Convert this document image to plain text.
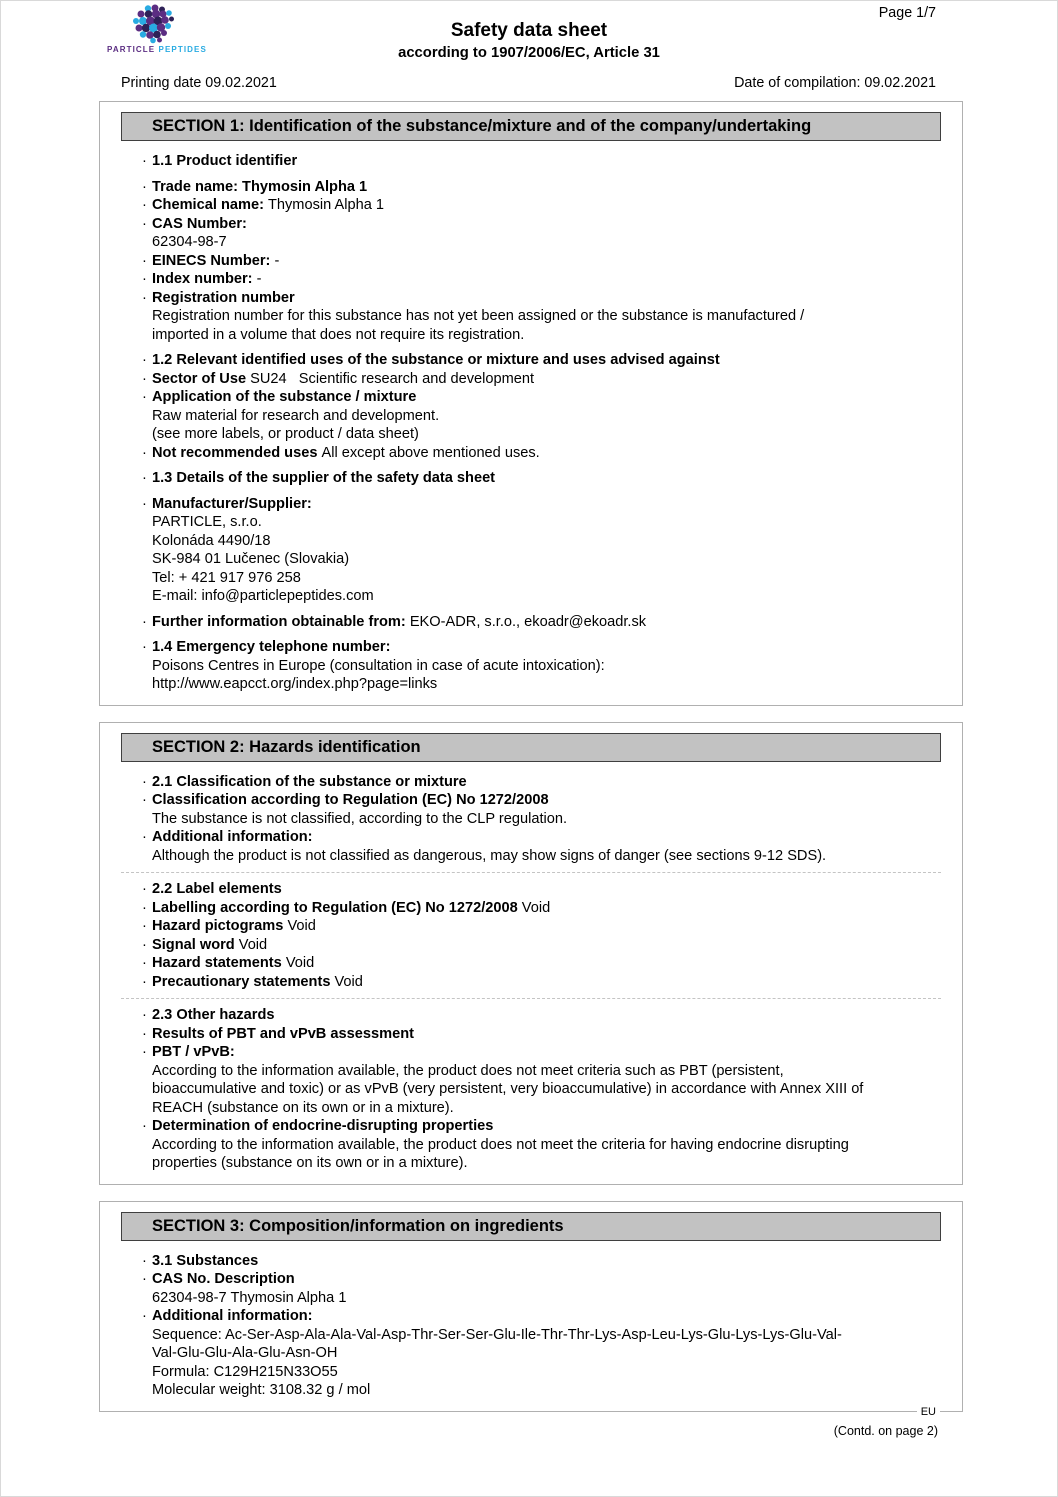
PARTICLE PEPTIDES
Page 1/7
Safety data sheet
according to 1907/2006/EC, Article 31
Printing date 09.02.2021	Date of compilation: 09.02.2021
SECTION 1: Identification of the substance/mixture and of the company/undertaking
· 1.1 Product identifier
· Trade name: Thymosin Alpha 1
· Chemical name: Thymosin Alpha 1
· CAS Number:
62304-98-7
· EINECS Number: -
· Index number: -
· Registration number
Registration number for this substance has not yet been assigned or the substance is manufactured /
imported in a volume that does not require its registration.
· 1.2 Relevant identified uses of the substance or mixture and uses advised against
· Sector of Use SU24   Scientific research and development
· Application of the substance / mixture
Raw material for research and development.
(see more labels, or product / data sheet)
· Not recommended uses All except above mentioned uses.
· 1.3 Details of the supplier of the safety data sheet
· Manufacturer/Supplier:
PARTICLE, s.r.o.
Kolonáda 4490/18
SK-984 01 Lučenec (Slovakia)
Tel: + 421 917 976 258
E-mail: info@particlepeptides.com
· Further information obtainable from: EKO-ADR, s.r.o., ekoadr@ekoadr.sk
· 1.4 Emergency telephone number:
Poisons Centres in Europe (consultation in case of acute intoxication):
http://www.eapcct.org/index.php?page=links
SECTION 2: Hazards identification
· 2.1 Classification of the substance or mixture
· Classification according to Regulation (EC) No 1272/2008
The substance is not classified, according to the CLP regulation.
· Additional information:
Although the product is not classified as dangerous, may show signs of danger (see sections 9-12 SDS).
· 2.2 Label elements
· Labelling according to Regulation (EC) No 1272/2008 Void
· Hazard pictograms Void
· Signal word Void
· Hazard statements Void
· Precautionary statements Void
· 2.3 Other hazards
· Results of PBT and vPvB assessment
· PBT / vPvB:
According to the information available, the product does not meet criteria such as PBT (persistent,
bioaccumulative and toxic) or as vPvB (very persistent, very bioaccumulative) in accordance with Annex XIII of
REACH (substance on its own or in a mixture).
· Determination of endocrine-disrupting properties
According to the information available, the product does not meet the criteria for having endocrine disrupting
properties (substance on its own or in a mixture).
SECTION 3: Composition/information on ingredients
· 3.1 Substances
· CAS No. Description
62304-98-7 Thymosin Alpha 1
· Additional information:
Sequence: Ac-Ser-Asp-Ala-Ala-Val-Asp-Thr-Ser-Ser-Glu-Ile-Thr-Thr-Lys-Asp-Leu-Lys-Glu-Lys-Lys-Glu-Val-
Val-Glu-Glu-Ala-Glu-Asn-OH
Formula: C129H215N33O55
Molecular weight: 3108.32 g / mol
EU
(Contd. on page 2)
